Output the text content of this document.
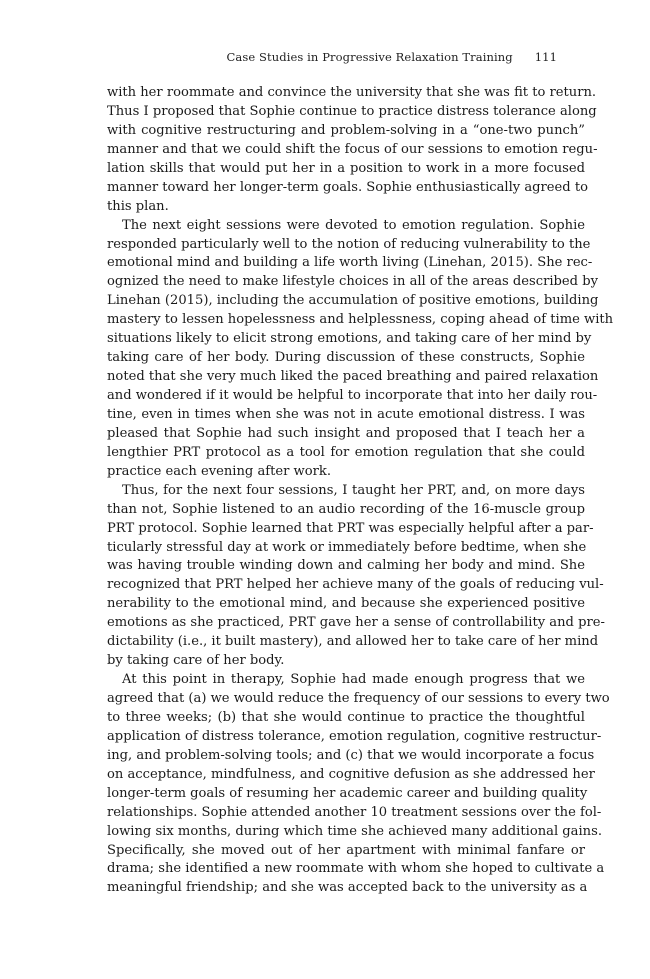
Case Studies in Progressive Relaxation Training 111
with her roommate and convince the university that she was fit to return.
Thus I proposed that Sophie continue to practice distress tolerance along
with cognitive restructuring and problem-solving in a “one-two punch”
manner and that we could shift the focus of our sessions to emotion regu-
lation skills that would put her in a position to work in a more focused
manner toward her longer-term goals. Sophie enthusiastically agreed to
this plan.
The next eight sessions were devoted to emotion regulation. Sophie
responded particularly well to the notion of reducing vulnerability to the
emotional mind and building a life worth living (Linehan, 2015). She rec-
ognized the need to make lifestyle choices in all of the areas described by
Linehan (2015), including the accumulation of positive emotions, building
mastery to lessen hopelessness and helplessness, coping ahead of time with
situations likely to elicit strong emotions, and taking care of her mind by
taking care of her body. During discussion of these constructs, Sophie
noted that she very much liked the paced breathing and paired relaxation
and wondered if it would be helpful to incorporate that into her daily rou-
tine, even in times when she was not in acute emotional distress. I was
pleased that Sophie had such insight and proposed that I teach her a
lengthier PRT protocol as a tool for emotion regulation that she could
practice each evening after work.
Thus, for the next four sessions, I taught her PRT, and, on more days
than not, Sophie listened to an audio recording of the 16-muscle group
PRT protocol. Sophie learned that PRT was especially helpful after a par-
ticularly stressful day at work or immediately before bedtime, when she
was having trouble winding down and calming her body and mind. She
recognized that PRT helped her achieve many of the goals of reducing vul-
nerability to the emotional mind, and because she experienced positive
emotions as she practiced, PRT gave her a sense of controllability and pre-
dictability (i.e., it built mastery), and allowed her to take care of her mind
by taking care of her body.
At this point in therapy, Sophie had made enough progress that we
agreed that (a) we would reduce the frequency of our sessions to every two
to three weeks; (b) that she would continue to practice the thoughtful
application of distress tolerance, emotion regulation, cognitive restructur-
ing, and problem-solving tools; and (c) that we would incorporate a focus
on acceptance, mindfulness, and cognitive defusion as she addressed her
longer-term goals of resuming her academic career and building quality
relationships. Sophie attended another 10 treatment sessions over the fol-
lowing six months, during which time she achieved many additional gains.
Specifically, she moved out of her apartment with minimal fanfare or
drama; she identified a new roommate with whom she hoped to cultivate a
meaningful friendship; and she was accepted back to the university as a
